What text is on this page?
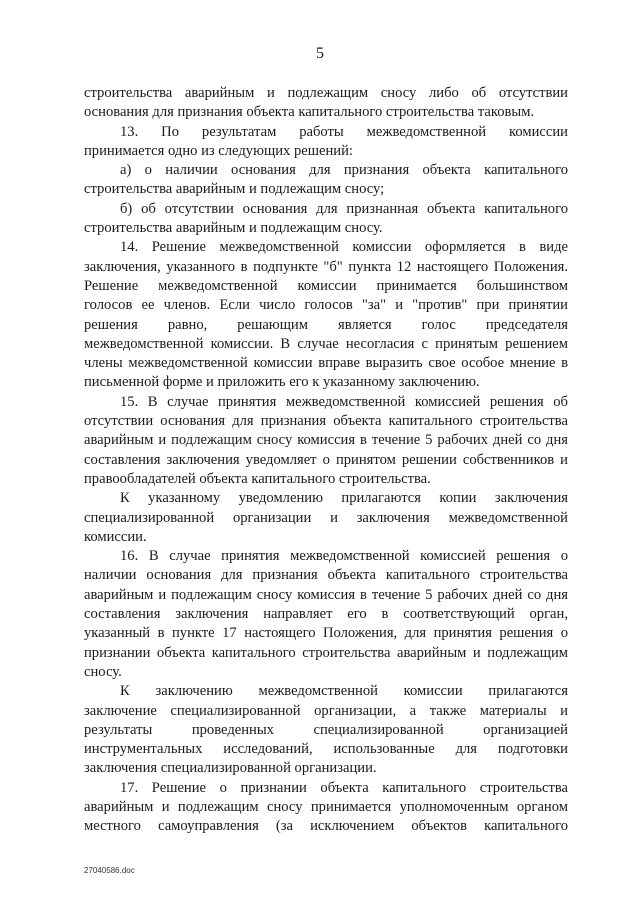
5
строительства аварийным и подлежащим сносу либо об отсутствии
основания для признания объекта капитального строительства таковым.
13. По результатам работы межведомственной комиссии
принимается одно из следующих решений:
а) о наличии основания для признания объекта капитального
строительства аварийным и подлежащим сносу;
б) об отсутствии основания для признанная объекта капитального
строительства аварийным и подлежащим сносу.
14. Решение межведомственной комиссии оформляется в виде
заключения, указанного в подпункте "б" пункта 12 настоящего Положения.
Решение межведомственной комиссии принимается большинством
голосов ее членов. Если число голосов "за" и "против" при принятии
решения равно, решающим является голос председателя
межведомственной комиссии. В случае несогласия с принятым решением
члены межведомственной комиссии вправе выразить свое особое мнение в
письменной форме и приложить его к указанному заключению.
15. В случае принятия межведомственной комиссией решения об
отсутствии основания для признания объекта капитального строительства
аварийным и подлежащим сносу комиссия в течение 5 рабочих дней со дня
составления заключения уведомляет о принятом решении собственников и
правообладателей объекта капитального строительства.
К указанному уведомлению прилагаются копии заключения
специализированной организации и заключения межведомственной
комиссии.
16. В случае принятия межведомственной комиссией решения о
наличии основания для признания объекта капитального строительства
аварийным и подлежащим сносу комиссия в течение 5 рабочих дней со дня
составления заключения направляет его в соответствующий орган,
указанный в пункте 17 настоящего Положения, для принятия решения о
признании объекта капитального строительства аварийным и подлежащим
сносу.
К заключению межведомственной комиссии прилагаются
заключение специализированной организации, а также материалы и
результаты проведенных специализированной организацией
инструментальных исследований, использованные для подготовки
заключения специализированной организации.
17. Решение о признании объекта капитального строительства
аварийным и подлежащим сносу принимается уполномоченным органом
местного самоуправления (за исключением объектов капитального
27040586.doc
